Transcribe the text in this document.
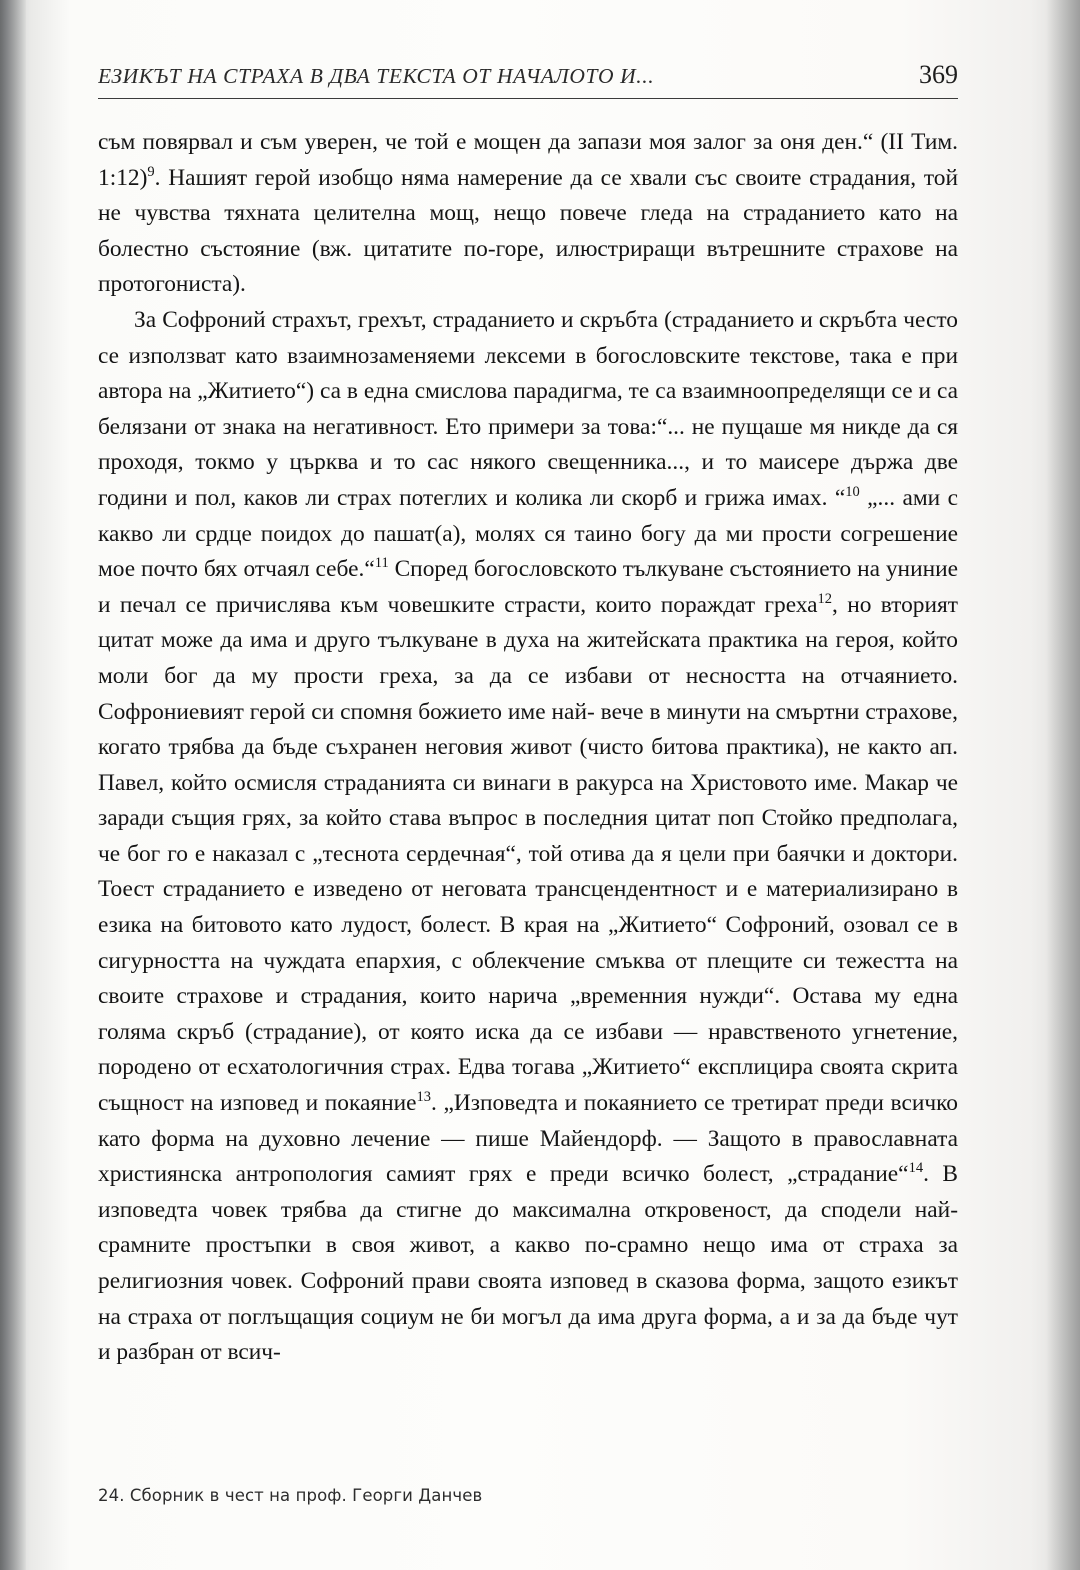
ЕЗИКЪТ НА СТРАХА В ДВА ТЕКСТА ОТ НАЧАЛОТО И...	369

съм повярвал и съм уверен, че той е мощен да запази моя залог за оня ден.“ (II Тим. 1:12)$^9$. Нашият герой изобщо няма намерение да се хвали със своите страдания, той не чувства тяхната целителна мощ, нещо повече гледа на страданието като на болестно състояние (вж. цитатите по-горе, илюстриращи вътрешните страхове на протогониста).

За Софроний страхът, грехът, страданието и скръбта (страданието и скръбта често се използват като взаимнозаменяеми лексеми в богословските текстове, така е при автора на „Житието“) са в една смислова парадигма, те са взаимноопределящи се и са белязани от знака на негативност. Ето примери за това:“... не пущаше мя никде да ся проходя, токмо у църква и то сас някого свещенника..., и то маисере държа две години и пол, каков ли страх потеглих и колика ли скорб и грижа имах. “$^{10}$ „... ами с какво ли срдце поидох до пашат(а), молях ся таино богу да ми прости согрешение мое почто бях отчаял себе.“$^{11}$ Според богословското тълкуване състоянието на униние и печал се причислява към човешките страсти, които пораждат греха$^{12}$, но вторият цитат може да има и друго тълкуване в духа на житейската практика на героя, който моли бог да му прости греха, за да се избави от несността на отчаянието. Софрониевият герой си спомня божието име най- вече в минути на смъртни страхове, когато трябва да бъде съхранен неговия живот (чисто битова практика), не както ап. Павел, който осмисля страданията си винаги в ракурса на Христовото име. Макар че заради същия грях, за който става въпрос в последния цитат поп Стойко предполага, че бог го е наказал с „теснота сердечная“, той отива да я цели при баячки и доктори. Тоест страданието е изведено от неговата трансцендентност и е материализирано в езика на битовото като лудост, болест. В края на „Житието“ Софроний, озовал се в сигурността на чуждата епархия, с облекчение смъква от плещите си тежестта на своите страхове и страдания, които нарича „временния нужди“. Остава му една голяма скръб (страдание), от която иска да се избави — нравственото угнетение, породено от есхатологичния страх. Едва тогава „Житието“ експлицира своята скрита същност на изповед и покаяние$^{13}$. „Изповедта и покаянието се третират преди всичко като форма на духовно лечение — пише Майендорф. — Защото в православната християнска антропология самият грях е преди всичко болест, „страдание“$^{14}$. В изповедта човек трябва да стигне до максимална откровеност, да сподели най-срамните простъпки в своя живот, а какво по-срамно нещо има от страха за религиозния човек. Софроний прави своята изповед в сказова форма, защото езикът на страха от поглъщащия социум не би могъл да има друга форма, а и за да бъде чут и разбран от всич-

24. Сборник в чест на проф. Георги Данчев
